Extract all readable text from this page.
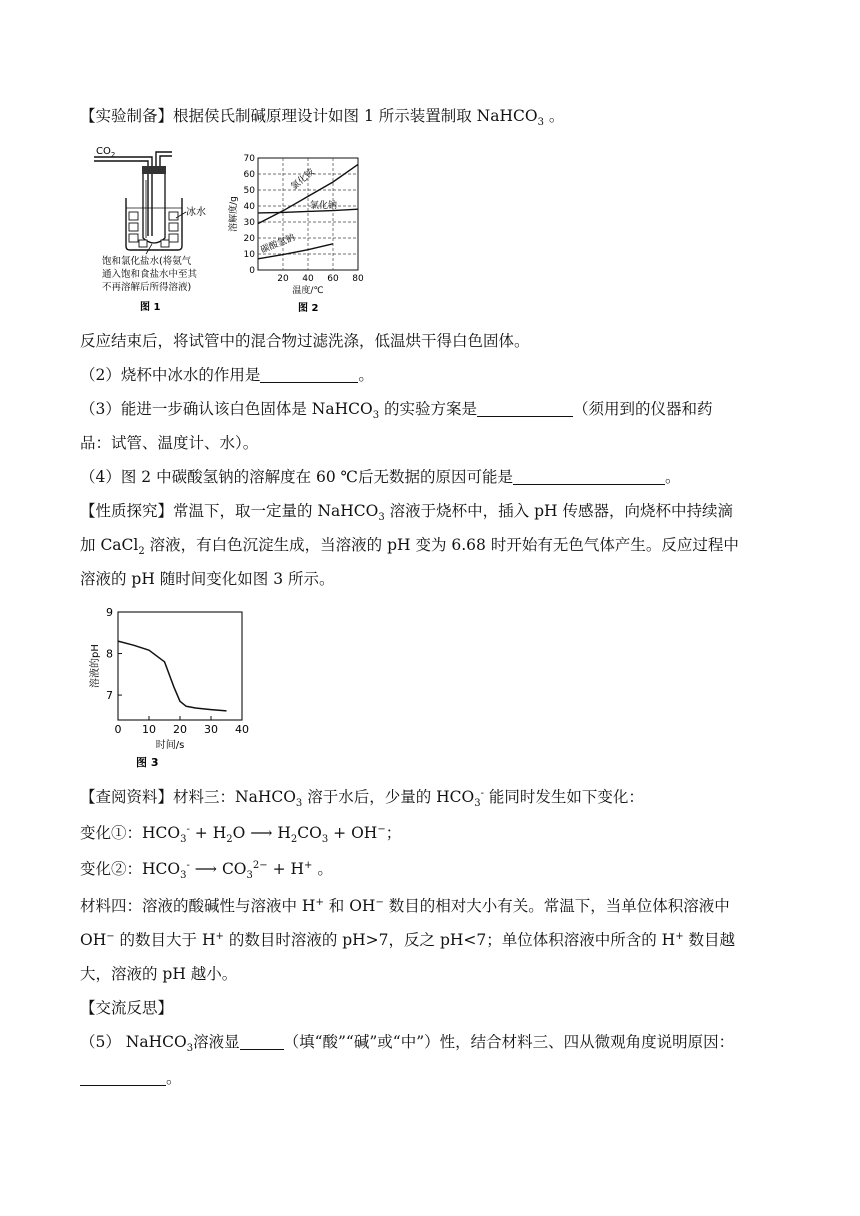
【实验制备】根据侯氏制碱原理设计如图 1 所示装置制取 NaHCO$_3$ 。
$CO_2$
冰水
饱和氯化盐水(将氨气
通入饱和食盐水中至其
不再溶解后所得溶液)
图 1
70
60
50
40
30
20
10
0
20 40 60 80
溶解度/g
温度/℃
氯化铵
氯化钠
碳酸氢钠
图 2
反应结束后，将试管中的混合物过滤洗涤，低温烘干得白色固体。
（2）烧杯中冰水的作用是	。
（3）能进一步确认该白色固体是 NaHCO$_3$ 的实验方案是	（须用到的仪器和药
品：试管、温度计、水）。
（4）图 2 中碳酸氢钠的溶解度在 60 ℃后无数据的原因可能是	。
【性质探究】常温下，取一定量的 NaHCO$_3$ 溶液于烧杯中，插入 pH 传感器，向烧杯中持续滴
加 CaCl$_2$ 溶液，有白色沉淀生成，当溶液的 pH 变为 6.68 时开始有无色气体产生。反应过程中
溶液的 pH 随时间变化如图 3 所示。
9
8
7
0 10 20 30 40
溶液的pH
时间/s
图 3
【查阅资料】材料三：NaHCO$_3$ 溶于水后，少量的 $HCO_3^-$ 能同时发生如下变化：
变化①：$HCO_3^- + H_2O$ ⟶ $H_2CO_3 + OH^-$；
变化②：$HCO_3^-$ ⟶ $CO_3^{2-} + H^+$ 。
材料四：溶液的酸碱性与溶液中 H+ 和 OH− 数目的相对大小有关。常温下，当单位体积溶液中
OH− 的数目大于 H+ 的数目时溶液的 pH>7，反之 pH<7；单位体积溶液中所含的 H+ 数目越
大，溶液的 pH 越小。
【交流反思】
（5） NaHCO$_3$溶液显	（填“酸”“碱”或“中”）性，结合材料三、四从微观角度说明原因：
。
